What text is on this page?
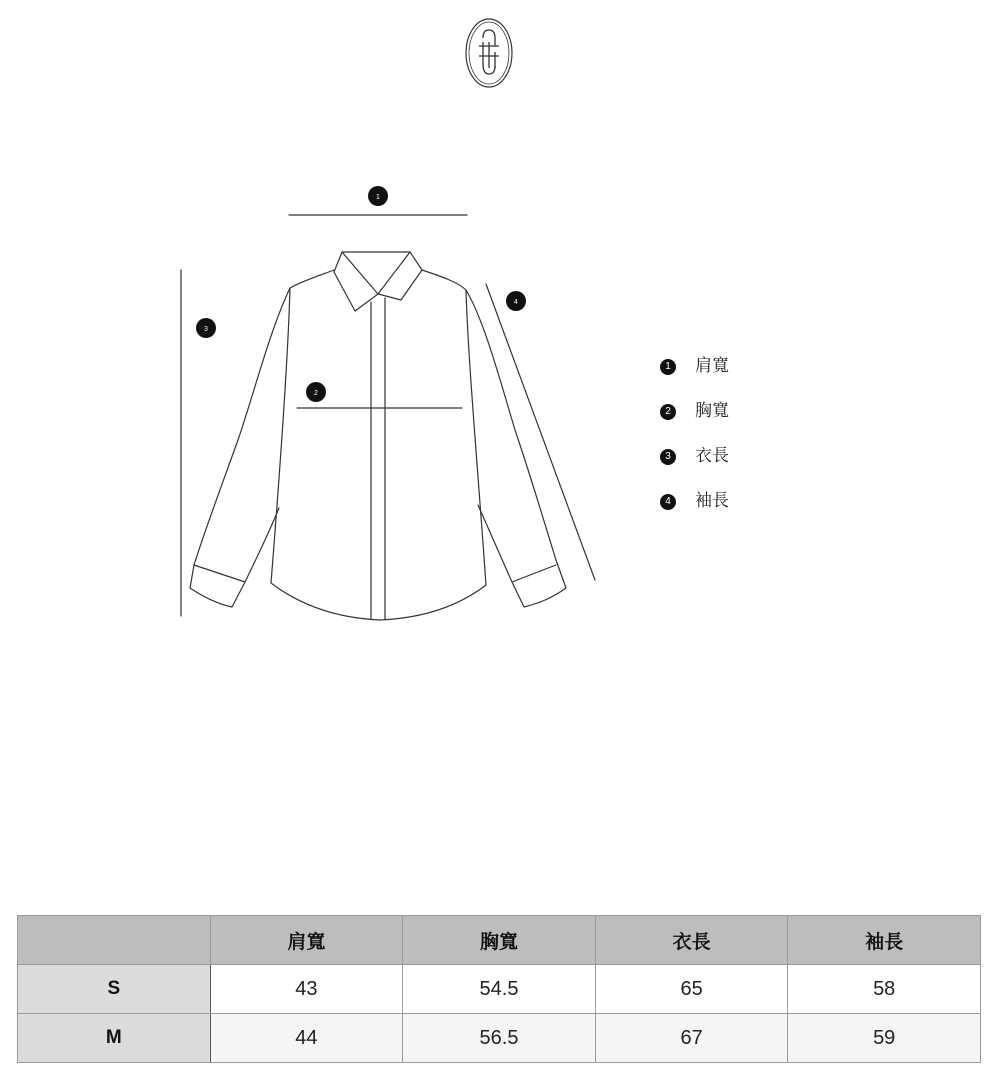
1
2
3
4
1	肩寬
2	胸寬
3	衣長
4	袖長
	肩寬	胸寬	衣長	袖長
S	43	54.5	65	58
M	44	56.5	67	59
